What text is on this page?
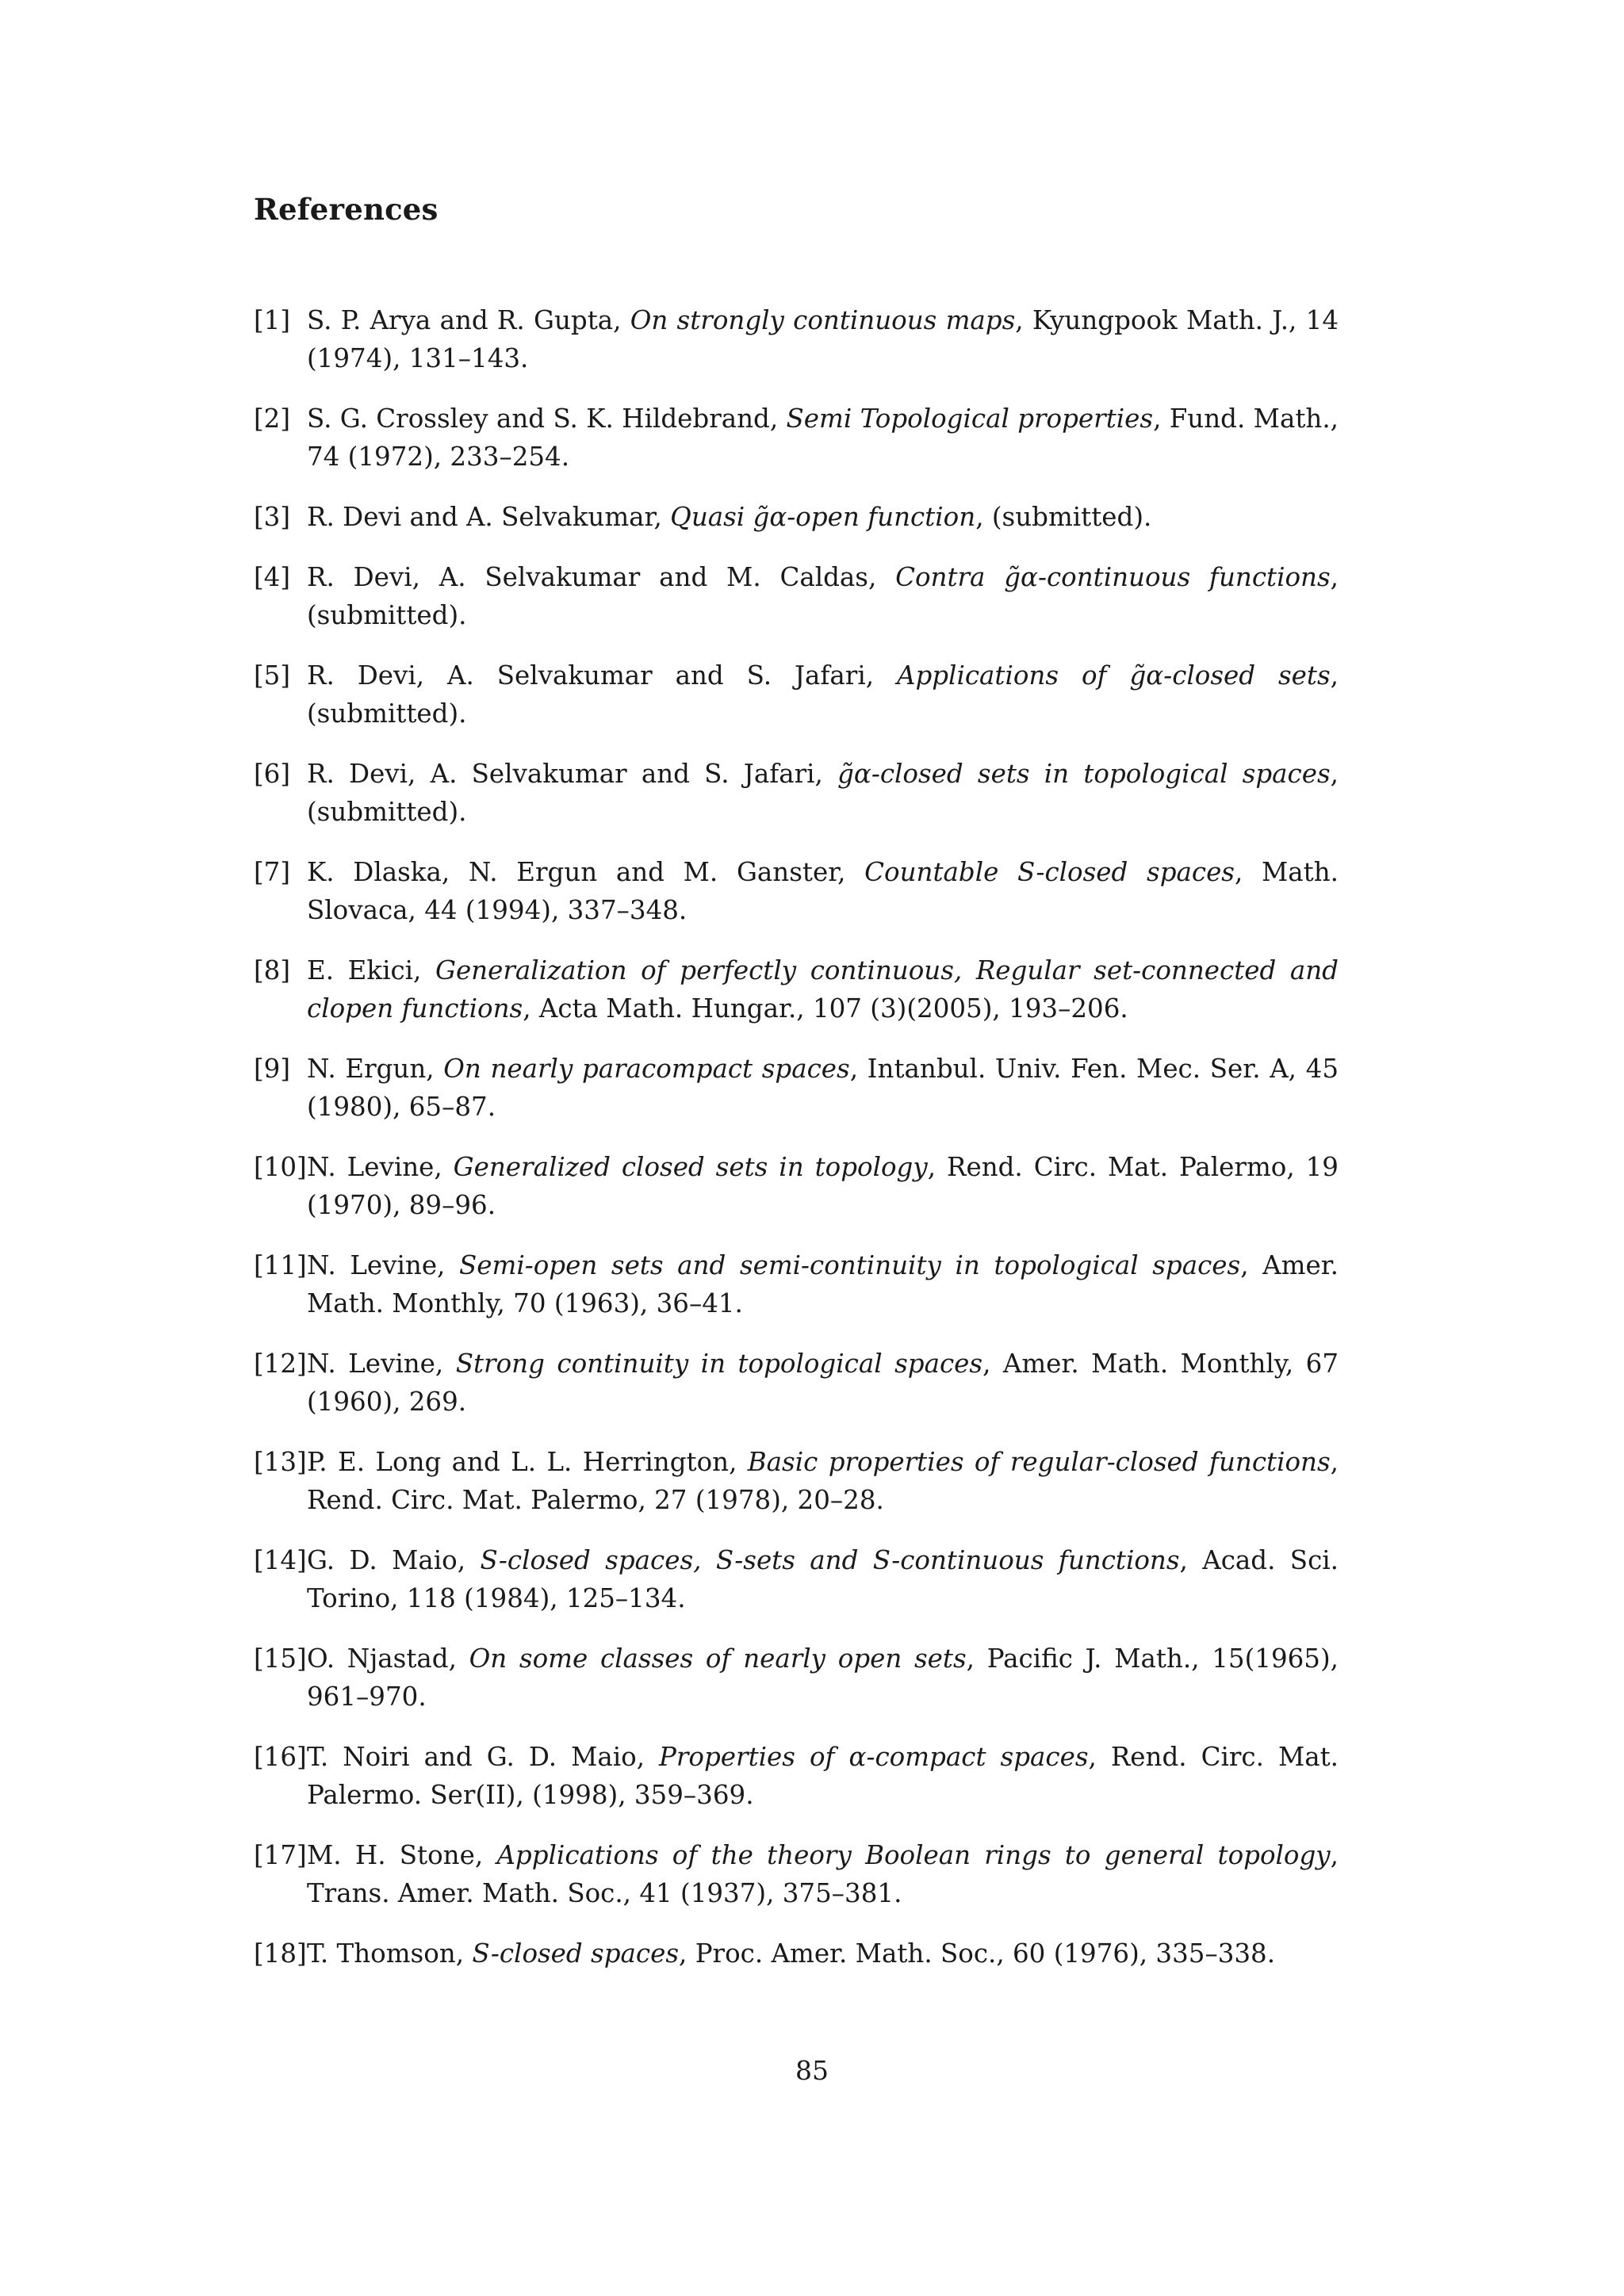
References
[1] S. P. Arya and R. Gupta, On strongly continuous maps, Kyungpook Math. J., 14 (1974), 131–143.
[2] S. G. Crossley and S. K. Hildebrand, Semi Topological properties, Fund. Math., 74 (1972), 233–254.
[3] R. Devi and A. Selvakumar, Quasi g̃α-open function, (submitted).
[4] R. Devi, A. Selvakumar and M. Caldas, Contra g̃α-continuous functions, (submitted).
[5] R. Devi, A. Selvakumar and S. Jafari, Applications of g̃α-closed sets, (submitted).
[6] R. Devi, A. Selvakumar and S. Jafari, g̃α-closed sets in topological spaces, (submitted).
[7] K. Dlaska, N. Ergun and M. Ganster, Countable S-closed spaces, Math. Slovaca, 44 (1994), 337–348.
[8] E. Ekici, Generalization of perfectly continuous, Regular set-connected and clopen functions, Acta Math. Hungar., 107 (3)(2005), 193–206.
[9] N. Ergun, On nearly paracompact spaces, Intanbul. Univ. Fen. Mec. Ser. A, 45 (1980), 65–87.
[10] N. Levine, Generalized closed sets in topology, Rend. Circ. Mat. Palermo, 19 (1970), 89–96.
[11] N. Levine, Semi-open sets and semi-continuity in topological spaces, Amer. Math. Monthly, 70 (1963), 36–41.
[12] N. Levine, Strong continuity in topological spaces, Amer. Math. Monthly, 67 (1960), 269.
[13] P. E. Long and L. L. Herrington, Basic properties of regular-closed functions, Rend. Circ. Mat. Palermo, 27 (1978), 20–28.
[14] G. D. Maio, S-closed spaces, S-sets and S-continuous functions, Acad. Sci. Torino, 118 (1984), 125–134.
[15] O. Njastad, On some classes of nearly open sets, Pacific J. Math., 15(1965), 961–970.
[16] T. Noiri and G. D. Maio, Properties of α-compact spaces, Rend. Circ. Mat. Palermo. Ser(II), (1998), 359–369.
[17] M. H. Stone, Applications of the theory Boolean rings to general topology, Trans. Amer. Math. Soc., 41 (1937), 375–381.
[18] T. Thomson, S-closed spaces, Proc. Amer. Math. Soc., 60 (1976), 335–338.
85
